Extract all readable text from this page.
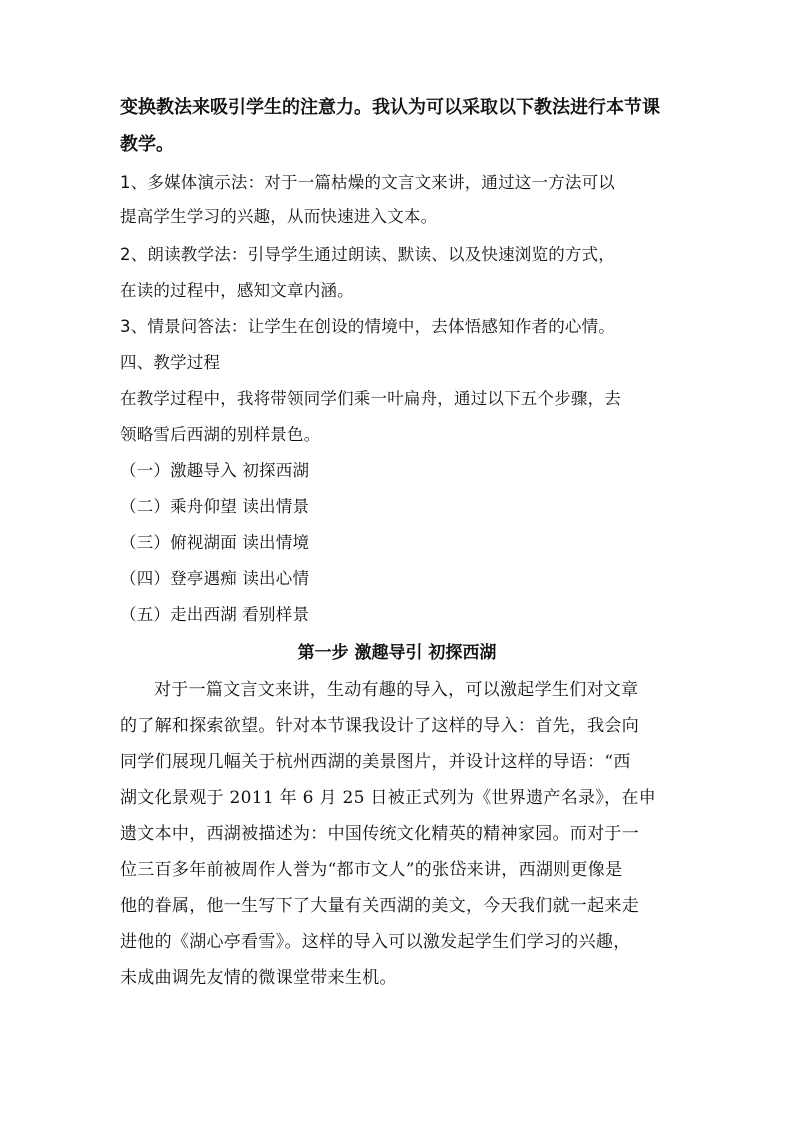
变换教法来吸引学生的注意力。我认为可以采取以下教法进行本节课
教学。
1、多媒体演示法：对于一篇枯燥的文言文来讲，通过这一方法可以
提高学生学习的兴趣，从而快速进入文本。
2、朗读教学法：引导学生通过朗读、默读、以及快速浏览的方式，
在读的过程中，感知文章内涵。
3、情景问答法：让学生在创设的情境中，去体悟感知作者的心情。
四、教学过程
在教学过程中，我将带领同学们乘一叶扁舟，通过以下五个步骤，去
领略雪后西湖的别样景色。
（一）激趣导入 初探西湖
（二）乘舟仰望 读出情景
（三）俯视湖面 读出情境
（四）登亭遇痴 读出心情
（五）走出西湖 看别样景
第一步 激趣导引 初探西湖
对于一篇文言文来讲，生动有趣的导入，可以激起学生们对文章
的了解和探索欲望。针对本节课我设计了这样的导入：首先，我会向
同学们展现几幅关于杭州西湖的美景图片，并设计这样的导语：“西
湖文化景观于 2011 年 6 月 25 日被正式列为《世界遗产名录》，在申
遗文本中，西湖被描述为：中国传统文化精英的精神家园。而对于一
位三百多年前被周作人誉为“都市文人”的张岱来讲，西湖则更像是
他的眷属，他一生写下了大量有关西湖的美文，今天我们就一起来走
进他的《湖心亭看雪》。这样的导入可以激发起学生们学习的兴趣，
未成曲调先友情的微课堂带来生机。
